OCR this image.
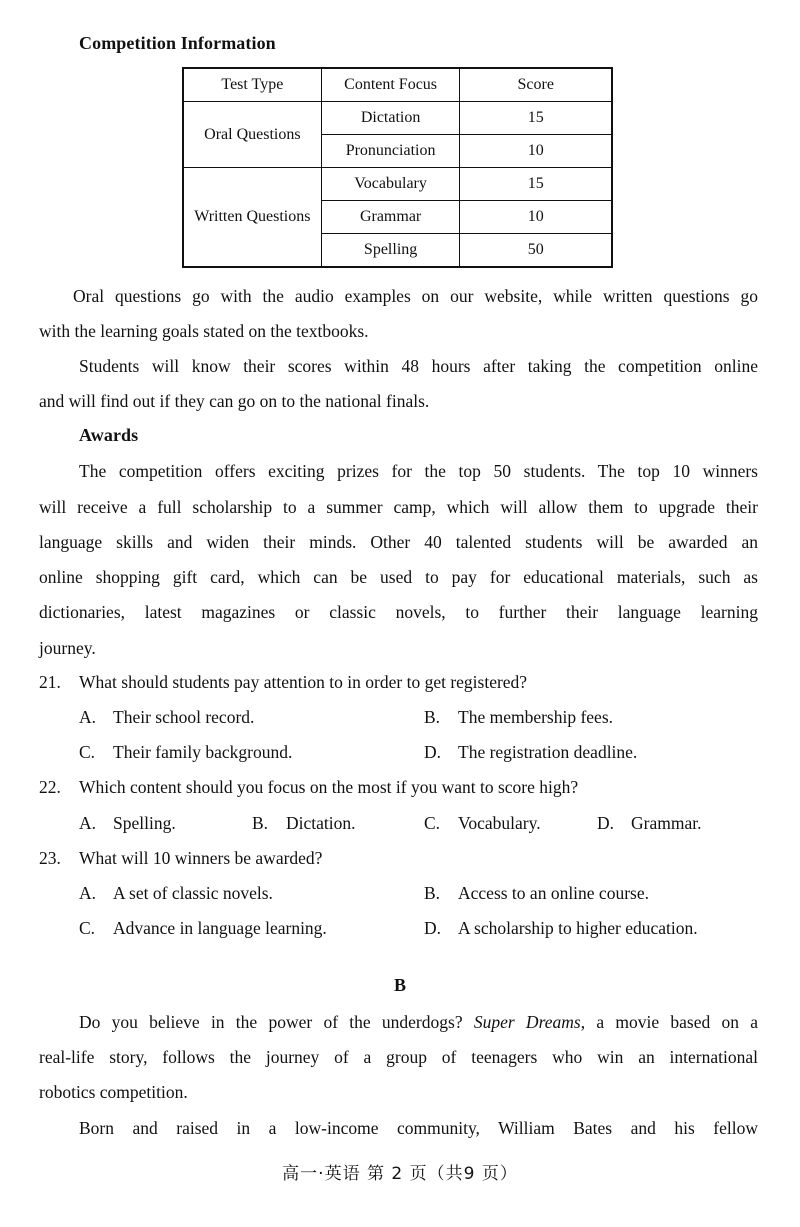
Competition Information
Test Type	Content Focus	Score
Oral Questions	Dictation	15
	Pronunciation	10
Written Questions	Vocabulary	15
	Grammar	10
	Spelling	50
Oral questions go with the audio examples on our website, while written questions go
with the learning goals stated on the textbooks.
Students will know their scores within 48 hours after taking the competition online
and will find out if they can go on to the national finals.
Awards
The competition offers exciting prizes for the top 50 students. The top 10 winners
will receive a full scholarship to a summer camp, which will allow them to upgrade their
language skills and widen their minds. Other 40 talented students will be awarded an
online shopping gift card, which can be used to pay for educational materials, such as
dictionaries, latest magazines or classic novels, to further their language learning
journey.
21. What should students pay attention to in order to get registered?
A. Their school record.	B. The membership fees.
C. Their family background.	D. The registration deadline.
22. Which content should you focus on the most if you want to score high?
A. Spelling.	B. Dictation.	C. Vocabulary.	D. Grammar.
23. What will 10 winners be awarded?
A. A set of classic novels.	B. Access to an online course.
C. Advance in language learning.	D. A scholarship to higher education.
B
Do you believe in the power of the underdogs? Super Dreams, a movie based on a
real-life story, follows the journey of a group of teenagers who win an international
robotics competition.
Born and raised in a low-income community, William Bates and his fellow
高一·英语 第 2 页（共9 页）
